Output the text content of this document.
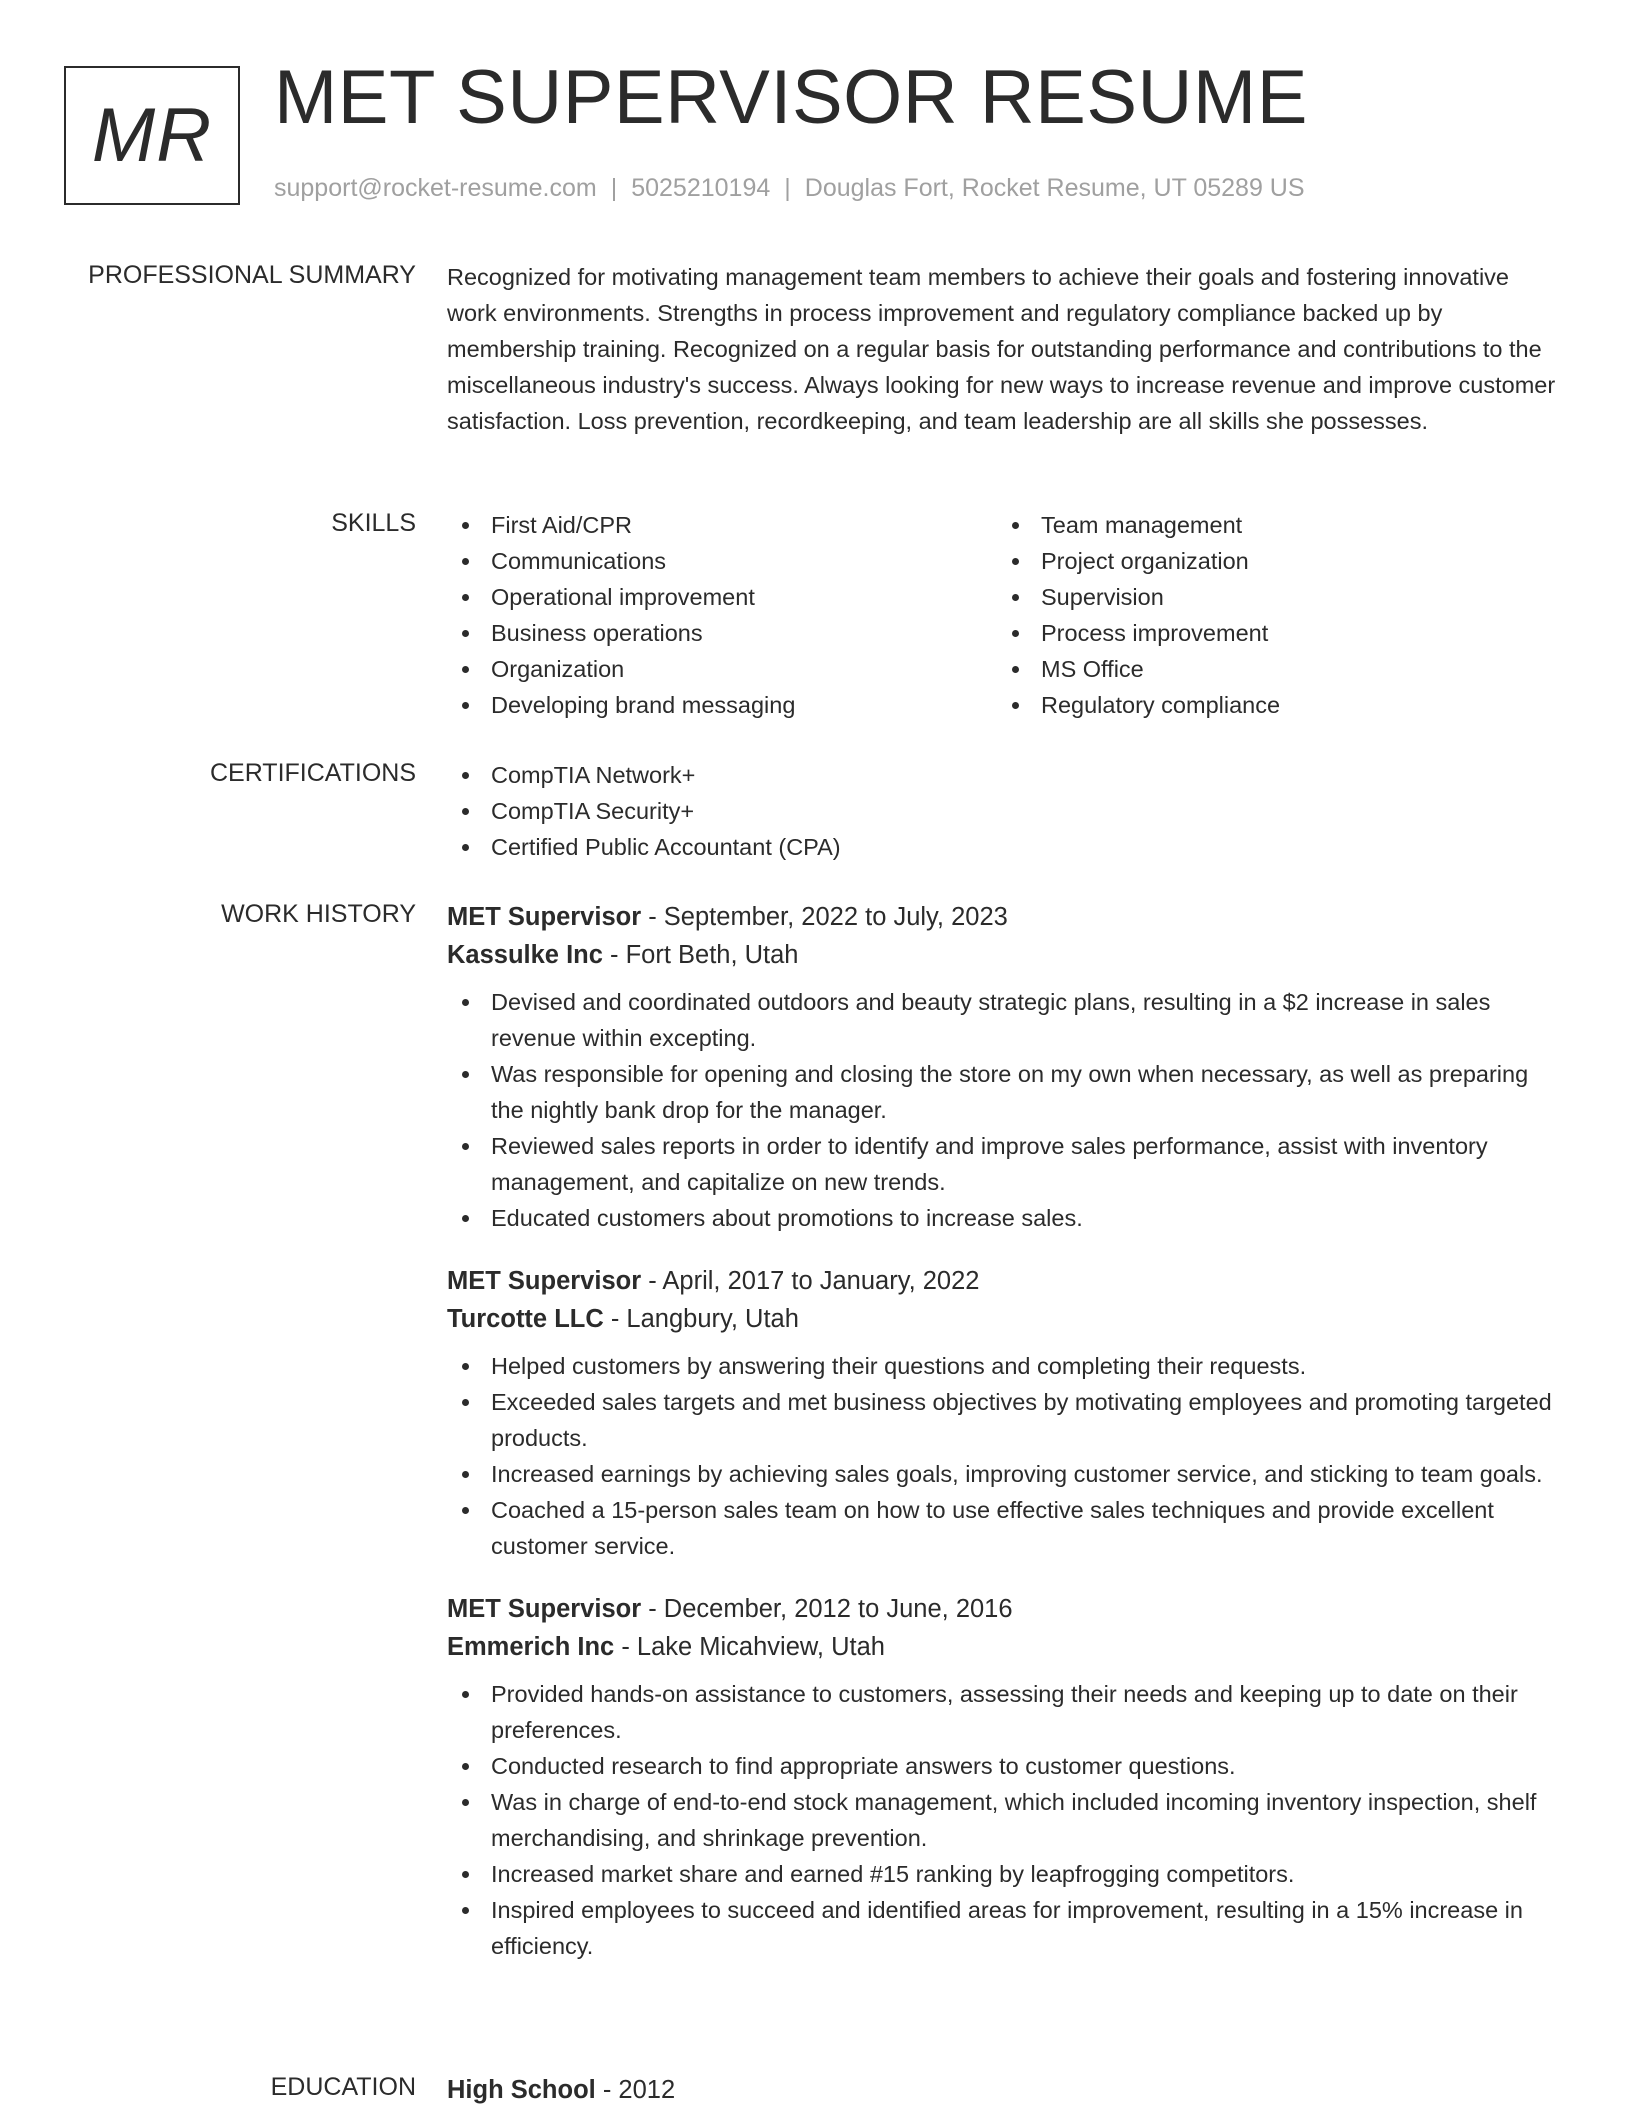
MR MET SUPERVISOR RESUME
support@rocket-resume.com | 5025210194 | Douglas Fort, Rocket Resume, UT 05289 US
PROFESSIONAL SUMMARY Recognized for motivating management team members to achieve their goals and fostering innovative work environments. Strengths in process improvement and regulatory compliance backed up by membership training. Recognized on a regular basis for outstanding performance and contributions to the miscellaneous industry's success. Always looking for new ways to increase revenue and improve customer satisfaction. Loss prevention, recordkeeping, and team leadership are all skills she possesses.

SKILLS	First Aid/CPR
Communications
Operational improvement
Business operations
Organization
Developing brand messaging
Team management
Project organization
Supervision
Process improvement
MS Office
Regulatory compliance
CERTIFICATIONS	CompTIA Network+
CompTIA Security+
Certified Public Accountant (CPA)
WORK HISTORY MET Supervisor - September, 2022 to July, 2023
Kassulke Inc - Fort Beth, Utah
Devised and coordinated outdoors and beauty strategic plans, resulting in a $2 increase in sales revenue within excepting.
Was responsible for opening and closing the store on my own when necessary, as well as preparing the nightly bank drop for the manager.
Reviewed sales reports in order to identify and improve sales performance, assist with inventory management, and capitalize on new trends.
Educated customers about promotions to increase sales.
MET Supervisor - April, 2017 to January, 2022
Turcotte LLC - Langbury, Utah
Helped customers by answering their questions and completing their requests.
Exceeded sales targets and met business objectives by motivating employees and promoting targeted products.
Increased earnings by achieving sales goals, improving customer service, and sticking to team goals.
Coached a 15-person sales team on how to use effective sales techniques and provide excellent customer service.
MET Supervisor - December, 2012 to June, 2016
Emmerich Inc - Lake Micahview, Utah
Provided hands-on assistance to customers, assessing their needs and keeping up to date on their preferences.
Conducted research to find appropriate answers to customer questions.
Was in charge of end-to-end stock management, which included incoming inventory inspection, shelf merchandising, and shrinkage prevention.
Increased market share and earned #15 ranking by leapfrogging competitors.
Inspired employees to succeed and identified areas for improvement, resulting in a 15% increase in efficiency.
EDUCATION High School - 2012
